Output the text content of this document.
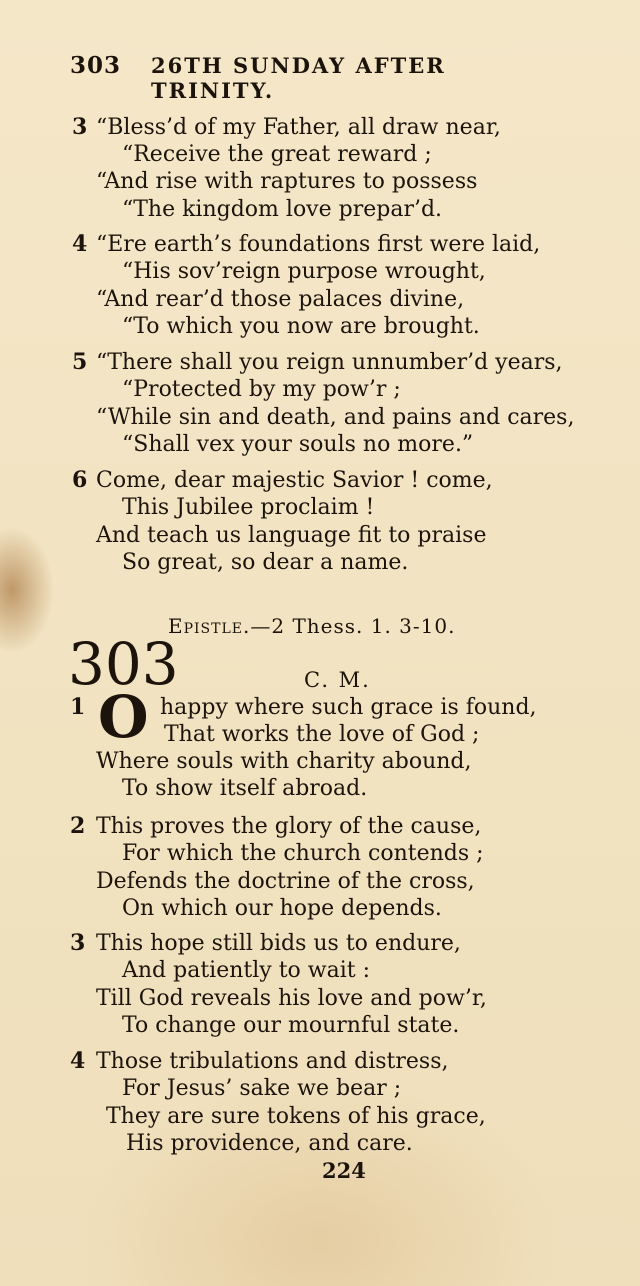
303 26TH SUNDAY AFTER TRINITY.
3 “Bless’d of my Father, all draw near,
“Receive the great reward ;
“And rise with raptures to possess
“The kingdom love prepar’d.
4 “Ere earth’s foundations first were laid,
“His sov’reign purpose wrought,
“And rear’d those palaces divine,
“To which you now are brought.
5 “There shall you reign unnumber’d years,
“Protected by my pow’r ;
“While sin and death, and pains and cares,
“Shall vex your souls no more.”
6 Come, dear majestic Savior ! come,
This Jubilee proclaim !
And teach us language fit to praise
So great, so dear a name.
Epistle.—2 Thess. 1. 3-10.
303	C. M.
1 O happy where such grace is found,
That works the love of God ;
Where souls with charity abound,
To show itself abroad.
2 This proves the glory of the cause,
For which the church contends ;
Defends the doctrine of the cross,
On which our hope depends.
3 This hope still bids us to endure,
And patiently to wait :
Till God reveals his love and pow’r,
To change our mournful state.
4 Those tribulations and distress,
For Jesus’ sake we bear ;
They are sure tokens of his grace,
His providence, and care.
224
